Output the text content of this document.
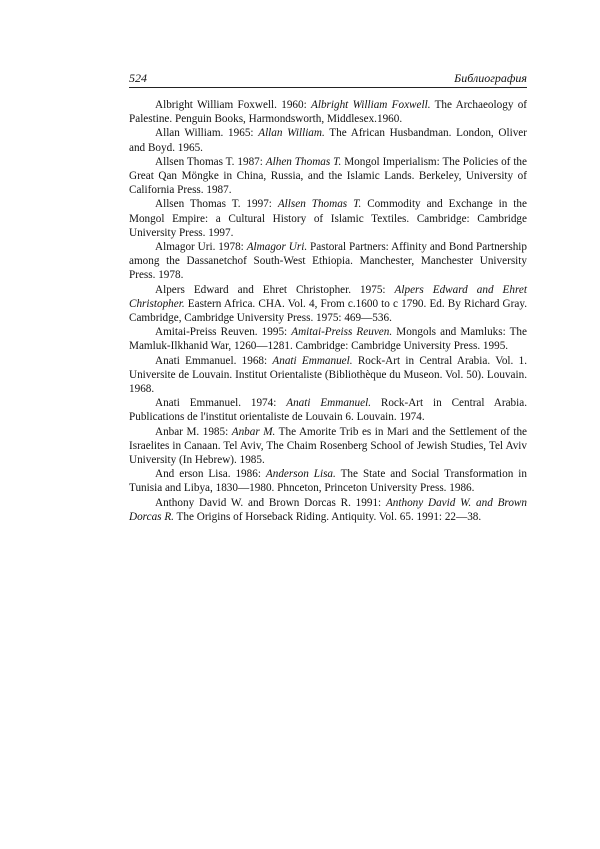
524	Библиография

Albright William Foxwell. 1960: Albright William Foxwell. The Archaeology of Palestine. Penguin Books, Harmondsworth, Middlesex.1960.

Allan William. 1965: Allan William. The African Husbandman. London, Oliver and Boyd. 1965.

Allsen Thomas T. 1987: Alhen Thomas T. Mongol Imperialism: The Policies of the Great Qan Möngke in China, Russia, and the Islamic Lands. Berkeley, University of California Press. 1987.

Allsen Thomas T. 1997: Allsen Thomas T. Commodity and Exchange in the Mongol Empire: a Cultural History of Islamic Textiles. Cambridge: Cambridge University Press. 1997.

Almagor Uri. 1978: Almagor Uri. Pastoral Partners: Affinity and Bond Partnership among the Dassanetchof South-West Ethiopia. Manchester, Manchester University Press. 1978.

Alpers Edward and Ehret Christopher. 1975: Alpers Edward and Ehret Christopher. Eastern Africa. CHA. Vol. 4, From c.1600 to c 1790. Ed. By Richard Gray. Cambridge, Cambridge University Press. 1975: 469—536.

Amitai-Preiss Reuven. 1995: Amitai-Preiss Reuven. Mongols and Mamluks: The Mamluk-Ilkhanid War, 1260—1281. Cambridge: Cambridge University Press. 1995.

Anati Emmanuel. 1968: Anati Emmanuel. Rock-Art in Central Arabia. Vol. 1. Universite de Louvain. Institut Orientaliste (Bibliothèque du Museon. Vol. 50). Louvain. 1968.

Anati Emmanuel. 1974: Anati Emmanuel. Rock-Art in Central Arabia. Publications de l'institut orientaliste de Louvain 6. Louvain. 1974.

Anbar M. 1985: Anbar M. The Amorite Trib es in Mari and the Settlement of the Israelites in Canaan. Tel Aviv, The Chaim Rosenberg School of Jewish Studies, Tel Aviv University (In Hebrew). 1985.

And erson Lisa. 1986: Anderson Lisa. The State and Social Transformation in Tunisia and Libya, 1830—1980. Phnceton, Princeton University Press. 1986.

Anthony David W. and Brown Dorcas R. 1991: Anthony David W. and Brown Dorcas R. The Origins of Horseback Riding. Antiquity. Vol. 65. 1991: 22—38.
